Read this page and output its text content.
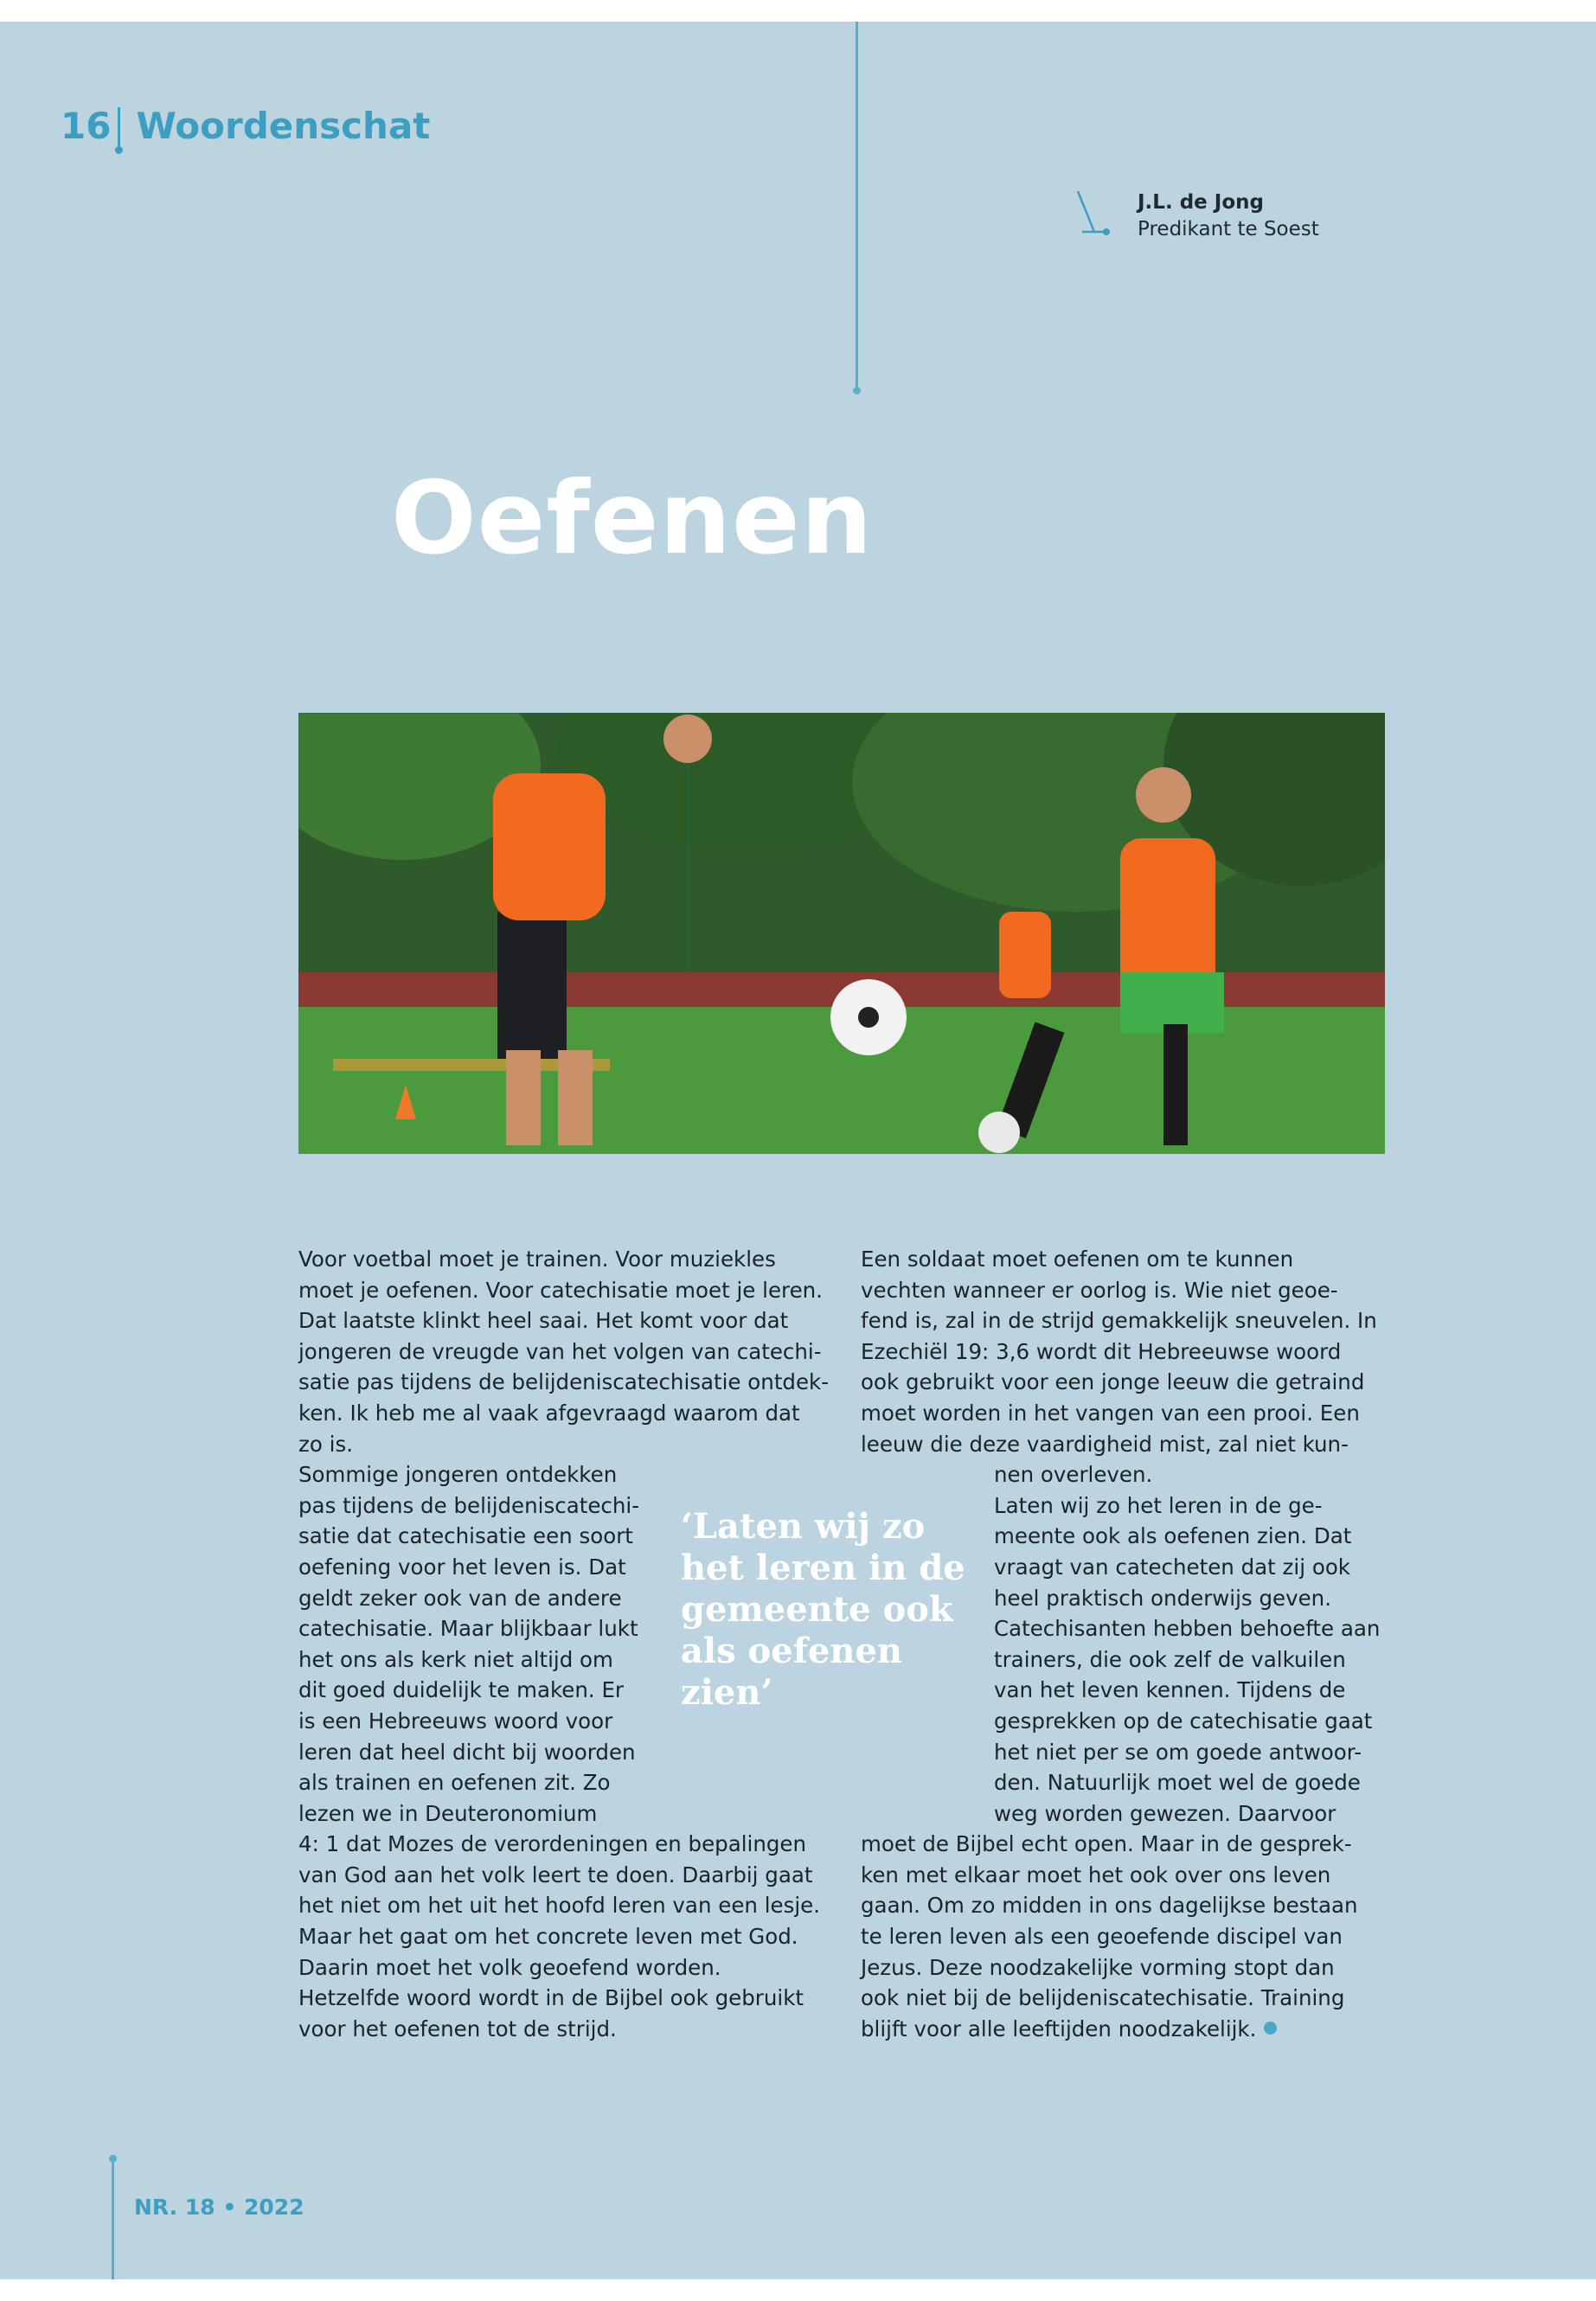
16 Woordenschat
J.L. de Jong
Predikant te Soest
Oefenen

Voor voetbal moet je trainen. Voor muziekles

moet je oefenen. Voor catechisatie moet je leren.

Dat laatste klinkt heel saai. Het komt voor dat

jongeren de vreugde van het volgen van catechi-

satie pas tijdens de belijdeniscatechisatie ontdek-

ken. Ik heb me al vaak afgevraagd waarom dat

zo is.

Sommige jongeren ontdekken

pas tijdens de belijdeniscatechi-

satie dat catechisatie een soort

oefening voor het leven is. Dat

geldt zeker ook van de andere

catechisatie. Maar blijkbaar lukt

het ons als kerk niet altijd om

dit goed duidelijk te maken. Er

is een Hebreeuws woord voor

leren dat heel dicht bij woorden

als trainen en oefenen zit. Zo

lezen we in Deuteronomium

4: 1 dat Mozes de verordeningen en bepalingen

van God aan het volk leert te doen. Daarbij gaat

het niet om het uit het hoofd leren van een lesje.

Maar het gaat om het concrete leven met God.

Daarin moet het volk geoefend worden.

Hetzelfde woord wordt in de Bijbel ook gebruikt

voor het oefenen tot de strijd.

‘Laten wij zo
het leren in de
gemeente ook
als oefenen
zien’

Een soldaat moet oefenen om te kunnen

vechten wanneer er oorlog is. Wie niet geoe-

fend is, zal in de strijd gemakkelijk sneuvelen. In

Ezechiël 19: 3,6 wordt dit Hebreeuwse woord

ook gebruikt voor een jonge leeuw die getraind

moet worden in het vangen van een prooi. Een

leeuw die deze vaardigheid mist, zal niet kun-

nen overleven.

Laten wij zo het leren in de ge-

meente ook als oefenen zien. Dat

vraagt van catecheten dat zij ook

heel praktisch onderwijs geven.

Catechisanten hebben behoefte aan

trainers, die ook zelf de valkuilen

van het leven kennen. Tijdens de

gesprekken op de catechisatie gaat

het niet per se om goede antwoor-

den. Natuurlijk moet wel de goede

weg worden gewezen. Daarvoor

moet de Bijbel echt open. Maar in de gesprek-

ken met elkaar moet het ook over ons leven

gaan. Om zo midden in ons dagelijkse bestaan

te leren leven als een geoefende discipel van

Jezus. Deze noodzakelijke vorming stopt dan

ook niet bij de belijdeniscatechisatie. Training

blijft voor alle leeftijden noodzakelijk.

NR. 18 • 2022
